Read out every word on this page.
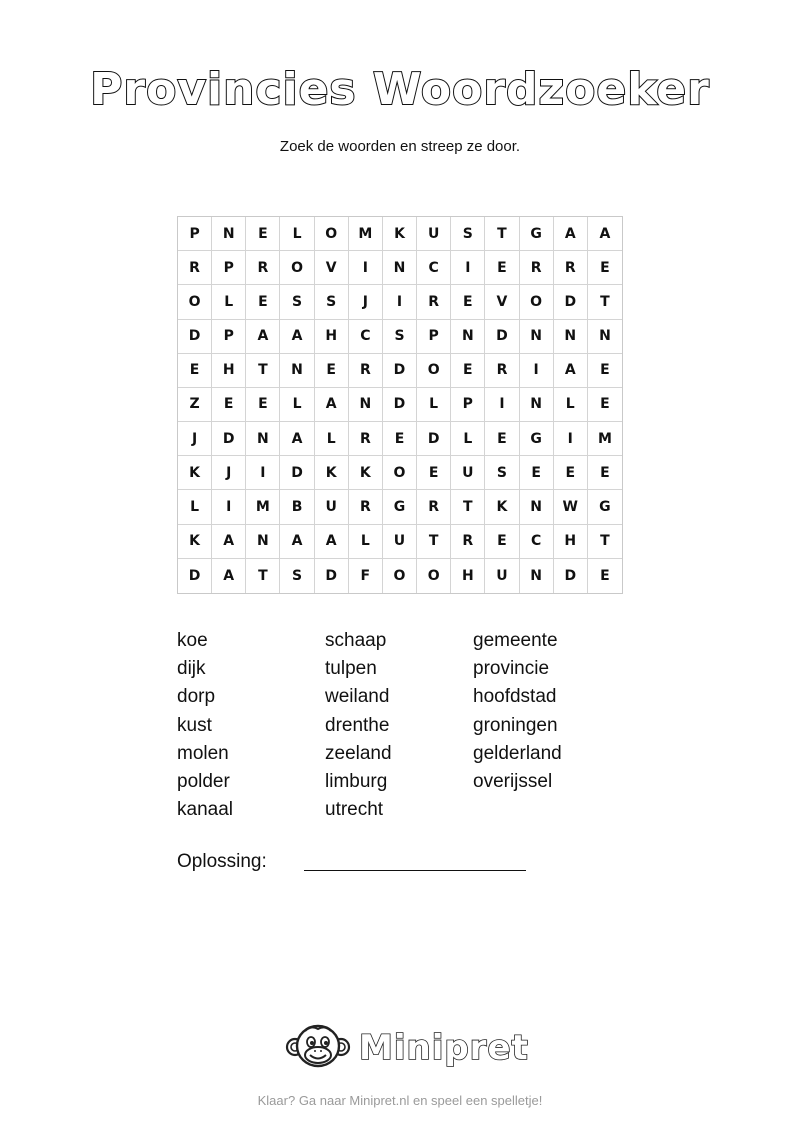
Provincies Woordzoeker
Zoek de woorden en streep ze door.
P	N	E	L	O	M	K	U	S	T	G	A	A
R	P	R	O	V	I	N	C	I	E	R	R	E
O	L	E	S	S	J	I	R	E	V	O	D	T
D	P	A	A	H	C	S	P	N	D	N	N	N
E	H	T	N	E	R	D	O	E	R	I	A	E
Z	E	E	L	A	N	D	L	P	I	N	L	E
J	D	N	A	L	R	E	D	L	E	G	I	M
K	J	I	D	K	K	O	E	U	S	E	E	E
L	I	M	B	U	R	G	R	T	K	N	W	G
K	A	N	A	A	L	U	T	R	E	C	H	T
D	A	T	S	D	F	O	O	H	U	N	D	E
koe
dijk
dorp
kust
molen
polder
kanaal
schaap
tulpen
weiland
drenthe
zeeland
limburg
utrecht
gemeente
provincie
hoofdstad
groningen
gelderland
overijssel
Oplossing:
Minipret
Klaar? Ga naar Minipret.nl en speel een spelletje!
